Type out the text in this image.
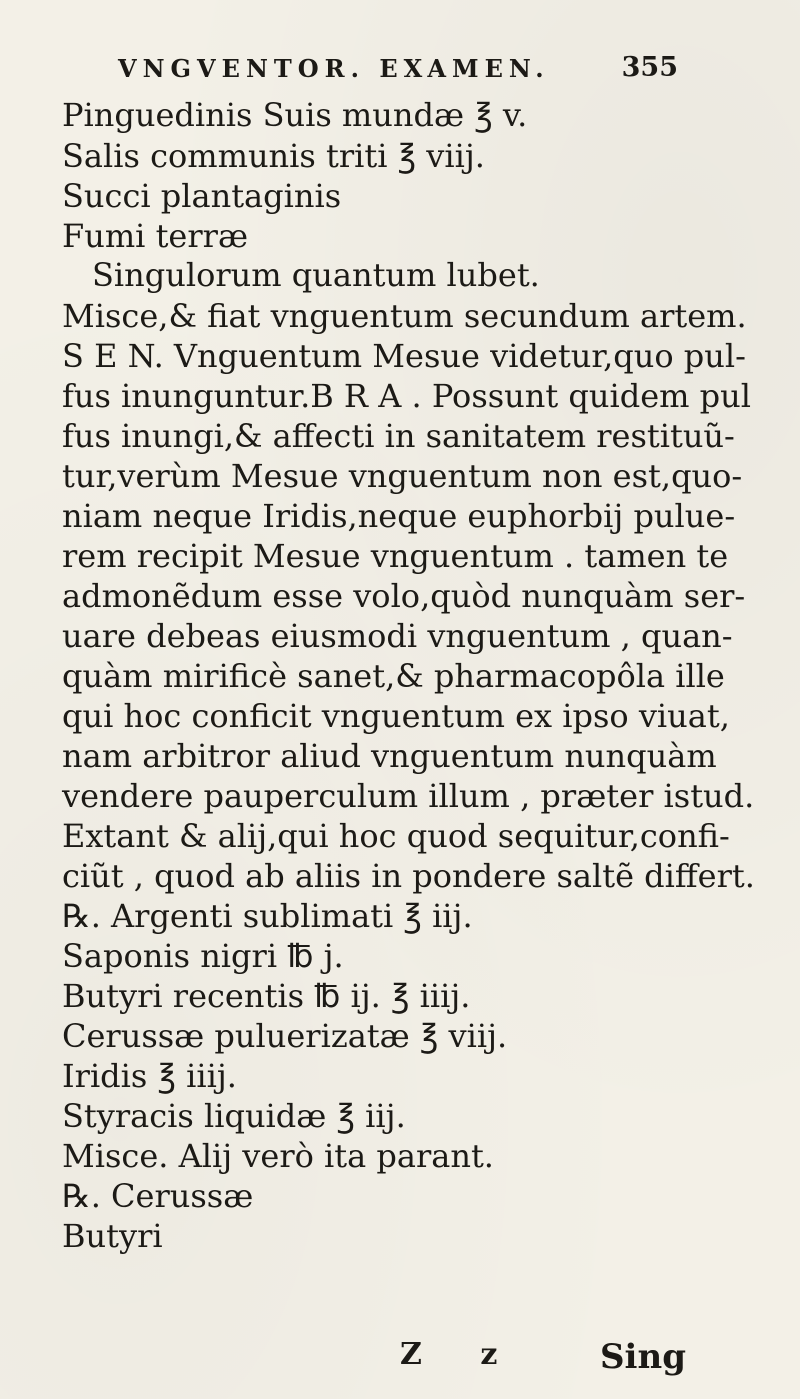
VNGVENTOR. EXAMEN.	355
Pinguedinis Suis mundæ ℥ v.
Salis communis triti ℥ viij.
Succi plantaginis
Fumi terræ
Singulorum quantum lubet.
Misce,& fiat vnguentum secundum artem.
S E N. Vnguentum Mesue videtur,quo pul-
fus inunguntur.B R A . Possunt quidem pul
fus inungi,& affecti in sanitatem restituũ-
tur,verùm Mesue vnguentum non est,quo-
niam neque Iridis,neque euphorbij pulue-
rem recipit Mesue vnguentum . tamen te
admonẽdum esse volo,quòd nunquàm ser-
uare debeas eiusmodi vnguentum , quan-
quàm mirificè sanet,& pharmacopôla ille
qui hoc conficit vnguentum ex ipso viuat,
nam arbitror aliud vnguentum nunquàm
vendere pauperculum illum , præter istud.
Extant & alij,qui hoc quod sequitur,confi-
ciũt , quod ab aliis in pondere saltẽ differt.
℞. Argenti sublimati ℥ iij.
Saponis nigri ℔ j.
Butyri recentis ℔ ij. ℥ iiij.
Cerussæ puluerizatæ ℥ viij.
Iridis ℥ iiij.
Styracis liquidæ ℥ iij.
Misce. Alij verò ita parant.
℞. Cerussæ
Butyri
Z z Sing
